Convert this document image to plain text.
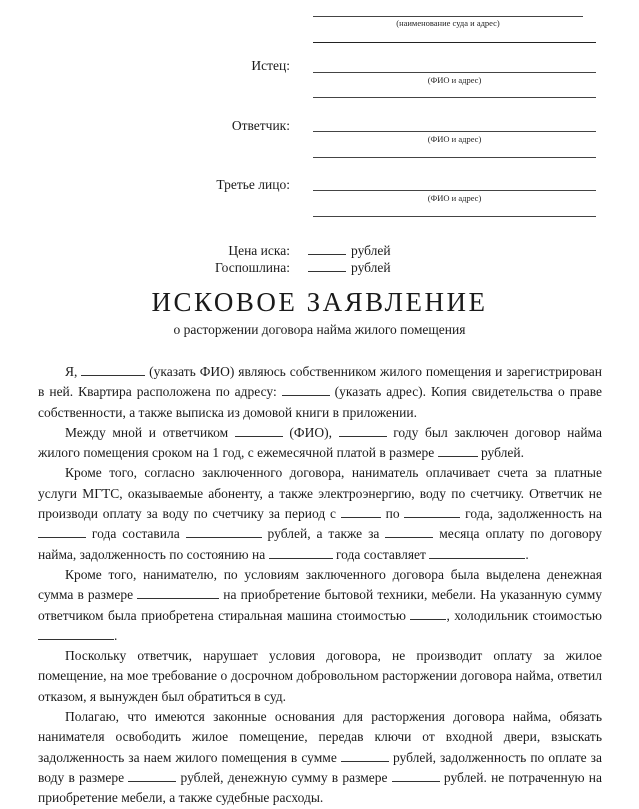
(наименование суда и адрес)
Истец:
(ФИО и адрес)
Ответчик:
(ФИО и адрес)
Третье лицо:
(ФИО и адрес)
Цена иска:	рублей
Госпошлина:	рублей
ИСКОВОЕ ЗАЯВЛЕНИЕ
о расторжении договора найма жилого помещения

Я,	(указать ФИО) являюсь собственником жилого помещения и зарегистрирован в ней. Квартира расположена по адресу:	(указать адрес). Копия свидетельства о праве собственности, а также выписка из домовой книги в приложении.

Между мной и ответчиком	(ФИО),	году был заключен договор найма жилого помещения сроком на 1 год, с ежемесячной платой в размере	рублей.

Кроме того, согласно заключенного договора, наниматель оплачивает счета за платные услуги МГТС, оказываемые абоненту, а также электроэнергию, воду по счетчику. Ответчик не производи оплату за воду по счетчику за период с	по	года, задолженность на  года составила	рублей, а также за	месяца оплату по договору найма, задолженность по состоянию на	года составляет	.

Кроме того, нанимателю, по условиям заключенного договора была выделена денежная сумма в размере	на приобретение бытовой техники, мебели. На указанную сумму ответчиком была приобретена стиральная машина стоимостью	, холодильник стоимостью .

Поскольку ответчик, нарушает условия договора, не производит оплату за жилое помещение, на мое требование о досрочном добровольном расторжении договора найма, ответил отказом, я вынужден был обратиться в суд.

Полагаю, что имеются законные основания для расторжения договора найма, обязать нанимателя освободить жилое помещение, передав ключи от входной двери, взыскать задолженность за наем жилого помещения в сумме	рублей, задолженность по оплате за воду в размере	рублей, денежную сумму в размере	рублей. не потраченную на приобретение мебели, а также судебные расходы.
